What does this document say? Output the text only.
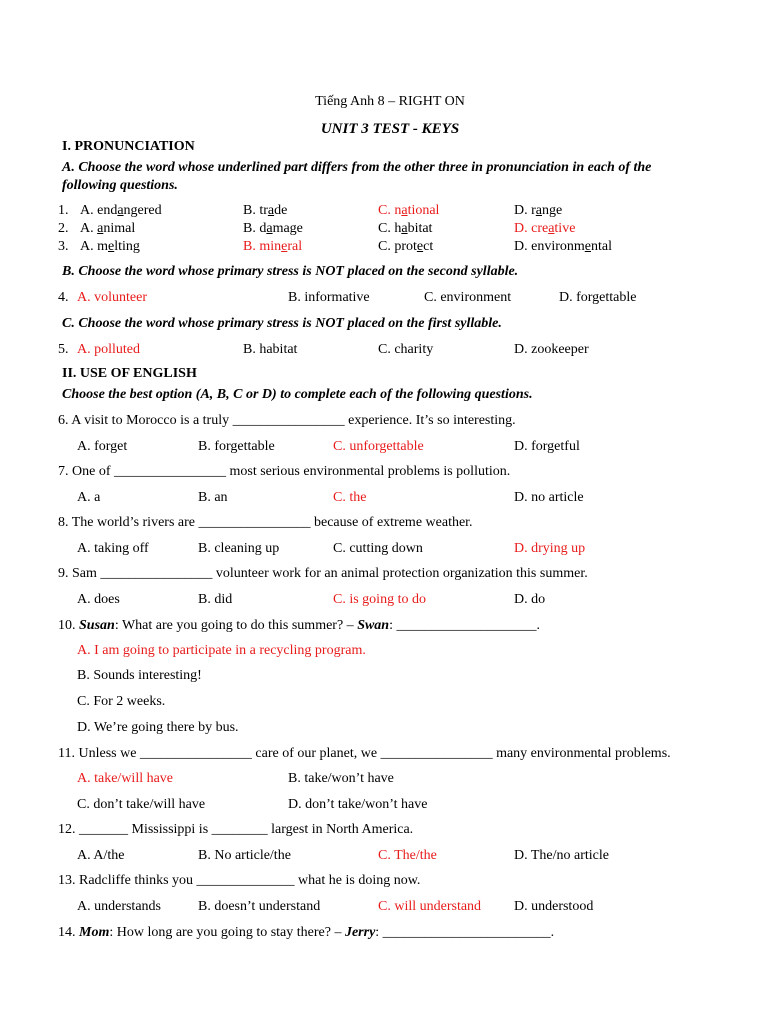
Tiếng Anh 8 – RIGHT ON
UNIT 3 TEST - KEYS
I. PRONUNCIATION
A. Choose the word whose underlined part differs from the other three in pronunciation in each of the
following questions.
1. A. endangered	B. trade	C. national	D. range
2. A. animal	B. damage	C. habitat	D. creative
3. A. melting	B. mineral	C. protect	D. environmental
B. Choose the word whose primary stress is NOT placed on the second syllable.
4. A. volunteer	B. informative	C. environment	D. forgettable
C. Choose the word whose primary stress is NOT placed on the first syllable.
5. A. polluted	B. habitat	C. charity	D. zookeeper
II. USE OF ENGLISH
Choose the best option (A, B, C or D) to complete each of the following questions.
6. A visit to Morocco is a truly ________________ experience. It’s so interesting.
A. forget	B. forgettable	C. unforgettable	D. forgetful
7. One of ________________ most serious environmental problems is pollution.
A. a	B. an	C. the	D. no article
8. The world’s rivers are ________________ because of extreme weather.
A. taking off	B. cleaning up	C. cutting down	D. drying up
9. Sam ________________ volunteer work for an animal protection organization this summer.
A. does	B. did	C. is going to do	D. do
10. Susan: What are you going to do this summer? – Swan: ____________________.
A. I am going to participate in a recycling program.
B. Sounds interesting!
C. For 2 weeks.
D. We’re going there by bus.
11. Unless we ________________ care of our planet, we ________________ many environmental problems.
A. take/will have	B. take/won’t have
C. don’t take/will have	D. don’t take/won’t have
12. _______ Mississippi is ________ largest in North America.
A. A/the	B. No article/the	C. The/the	D. The/no article
13. Radcliffe thinks you ______________ what he is doing now.
A. understands	B. doesn’t understand	C. will understand D. understood
14. Mom: How long are you going to stay there? – Jerry: ________________________.
